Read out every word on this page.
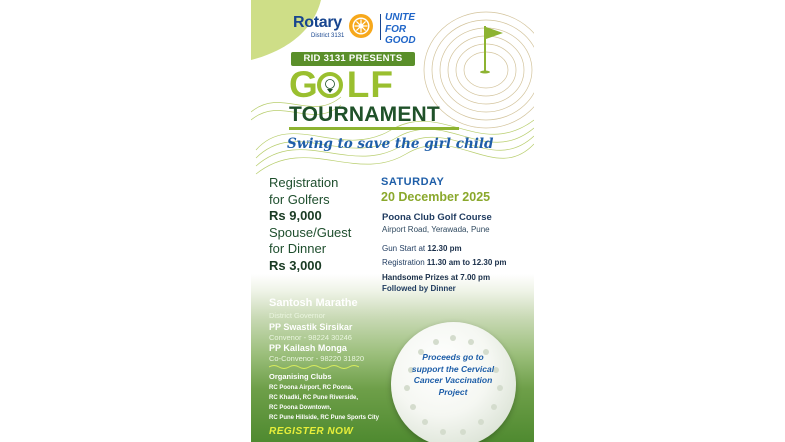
Rotary
District 3131
UNITE
FOR
GOOD
RID 3131 PRESENTS
G LF
TOURNAMENT
Swing to save the girl child
Registration
for Golfers
Rs 9,000
Spouse/Guest
for Dinner
Rs 3,000
SATURDAY
20 December 2025
Poona Club Golf Course
Airport Road, Yerawada, Pune
Gun Start at 12.30 pm
Registration 11.30 am to 12.30 pm
Handsome Prizes at 7.00 pm
Followed by Dinner
Santosh Marathe
District Governor
PP Swastik Sirsikar
Convenor - 98224 30246
PP Kailash Monga
Co-Convenor - 98220 31820
Organising Clubs
RC Poona Airport, RC Poona,
RC Khadki, RC Pune Riverside,
RC Poona Downtown,
RC Pune Hillside, RC Pune Sports City
REGISTER NOW
Proceeds go to
support the Cervical
Cancer Vaccination
Project
